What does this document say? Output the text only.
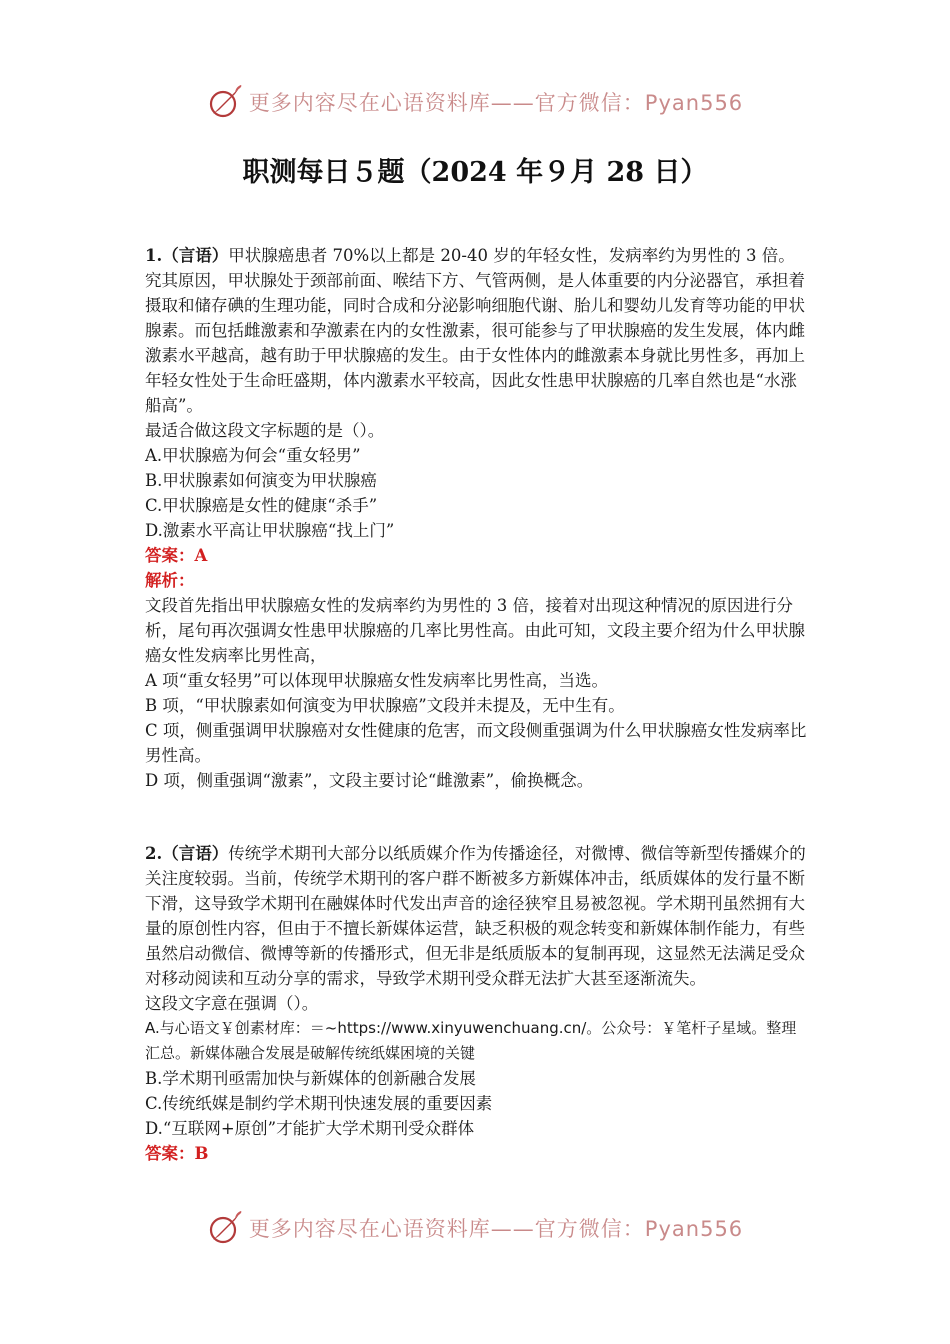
更多内容尽在心语资料库——官方微信：Pyan556
职测每日５题（2024 年９月 28 日）

1.（言语）甲状腺癌患者 70%以上都是 20-40 岁的年轻女性，发病率约为男性的 3 倍。究其原因，甲状腺处于颈部前面、喉结下方、气管两侧，是人体重要的内分泌器官，承担着摄取和储存碘的生理功能，同时合成和分泌影响细胞代谢、胎儿和婴幼儿发育等功能的甲状腺素。而包括雌激素和孕激素在内的女性激素，很可能参与了甲状腺癌的发生发展，体内雌激素水平越高，越有助于甲状腺癌的发生。由于女性体内的雌激素本身就比男性多，再加上年轻女性处于生命旺盛期，体内激素水平较高，因此女性患甲状腺癌的几率自然也是“水涨船高”。

最适合做这段文字标题的是（）。

A.甲状腺癌为何会“重女轻男”

B.甲状腺素如何演变为甲状腺癌

C.甲状腺癌是女性的健康“杀手”

D.激素水平高让甲状腺癌“找上门”

答案：A

解析：

文段首先指出甲状腺癌女性的发病率约为男性的 3 倍，接着对出现这种情况的原因进行分析，尾句再次强调女性患甲状腺癌的几率比男性高。由此可知，文段主要介绍为什么甲状腺癌女性发病率比男性高，

A 项“重女轻男”可以体现甲状腺癌女性发病率比男性高，当选。

B 项，“甲状腺素如何演变为甲状腺癌”文段并未提及，无中生有。

C 项，侧重强调甲状腺癌对女性健康的危害，而文段侧重强调为什么甲状腺癌女性发病率比男性高。

D 项，侧重强调“激素”，文段主要讨论“雌激素”，偷换概念。

2.（言语）传统学术期刊大部分以纸质媒介作为传播途径，对微博、微信等新型传播媒介的关注度较弱。当前，传统学术期刊的客户群不断被多方新媒体冲击，纸质媒体的发行量不断下滑，这导致学术期刊在融媒体时代发出声音的途径狭窄且易被忽视。学术期刊虽然拥有大量的原创性内容，但由于不擅长新媒体运营，缺乏积极的观念转变和新媒体制作能力，有些虽然启动微信、微博等新的传播形式，但无非是纸质版本的复制再现，这显然无法满足受众对移动阅读和互动分享的需求，导致学术期刊受众群无法扩大甚至逐渐流失。

这段文字意在强调（）。

A.与心语文￥创素材库：＝~https://www.xinyuwenchuang.cn/。公众号：￥笔杆子星域。整理汇总。新媒体融合发展是破解传统纸媒困境的关键

B.学术期刊亟需加快与新媒体的创新融合发展

C.传统纸媒是制约学术期刊快速发展的重要因素

D.“互联网+原创”才能扩大学术期刊受众群体

答案：B

更多内容尽在心语资料库——官方微信：Pyan556
